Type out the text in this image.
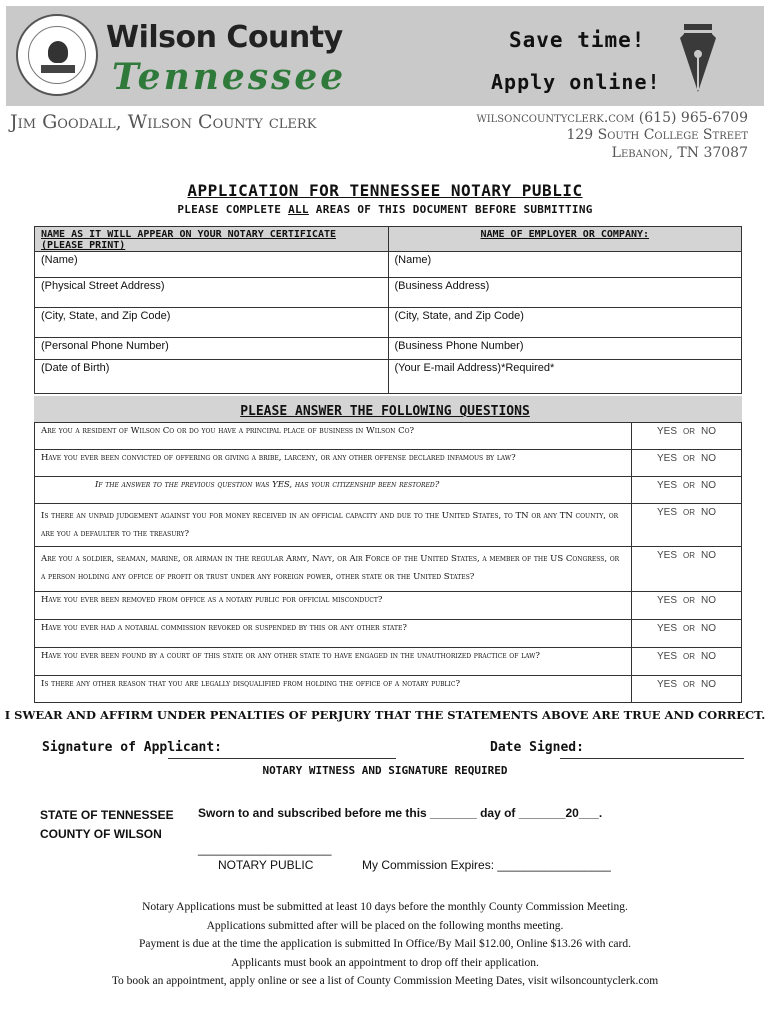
Wilson County
Tennessee
Save time!
Apply online!
Jim Goodall, Wilson County clerk	wilsoncountyclerk.com (615) 965-6709
129 South College Street
Lebanon, TN 37087
APPLICATION FOR TENNESSEE NOTARY PUBLIC
PLEASE COMPLETE ALL AREAS OF THIS DOCUMENT BEFORE SUBMITTING
NAME AS IT WILL APPEAR ON YOUR NOTARY CERTIFICATE (PLEASE PRINT)	NAME OF EMPLOYER OR COMPANY:
(Name)	(Name)
(Physical Street Address)	(Business Address)
(City, State, and Zip Code)	(City, State, and Zip Code)
(Personal Phone Number)	(Business Phone Number)
(Date of Birth)	(Your E-mail Address)*Required*
PLEASE ANSWER THE FOLLOWING QUESTIONS
Are you a resident of Wilson Co or do you have a principal place of business in Wilson Co?	YES OR NO
Have you ever been convicted of offering or giving a bribe, larceny, or any other offense declared infamous by law?	YES OR NO
If the answer to the previous question was YES, has your citizenship been restored?	YES OR NO
Is there an unpaid judgement against you for money received in an official capacity and due to the United States, to TN or any TN county, or are you a defaulter to the treasury?	YES OR NO
Are you a soldier, seaman, marine, or airman in the regular Army, Navy, or Air Force of the United States, a member of the US Congress, or a person holding any office of profit or trust under any foreign power, other state or the United States?	YES OR NO
Have you ever been removed from office as a notary public for official misconduct?	YES OR NO
Have you ever had a notarial commission revoked or suspended by this or any other state?	YES OR NO
Have you ever been found by a court of this state or any other state to have engaged in the unauthorized practice of law?	YES OR NO
Is there any other reason that you are legally disqualified from holding the office of a notary public?	YES OR NO
I SWEAR AND AFFIRM UNDER PENALTIES OF PERJURY THAT THE STATEMENTS ABOVE ARE TRUE AND CORRECT.
Signature of Applicant:	Date Signed:
NOTARY WITNESS AND SIGNATURE REQUIRED
STATE OF TENNESSEE
COUNTY OF WILSON
Sworn to and subscribed before me this _______ day of _______20___.
____________________
NOTARY PUBLIC	My Commission Expires: _________________
Notary Applications must be submitted at least 10 days before the monthly County Commission Meeting.
Applications submitted after will be placed on the following months meeting.
Payment is due at the time the application is submitted In Office/By Mail $12.00, Online $13.26 with card.
Applicants must book an appointment to drop off their application.
To book an appointment, apply online or see a list of County Commission Meeting Dates, visit wilsoncountyclerk.com
